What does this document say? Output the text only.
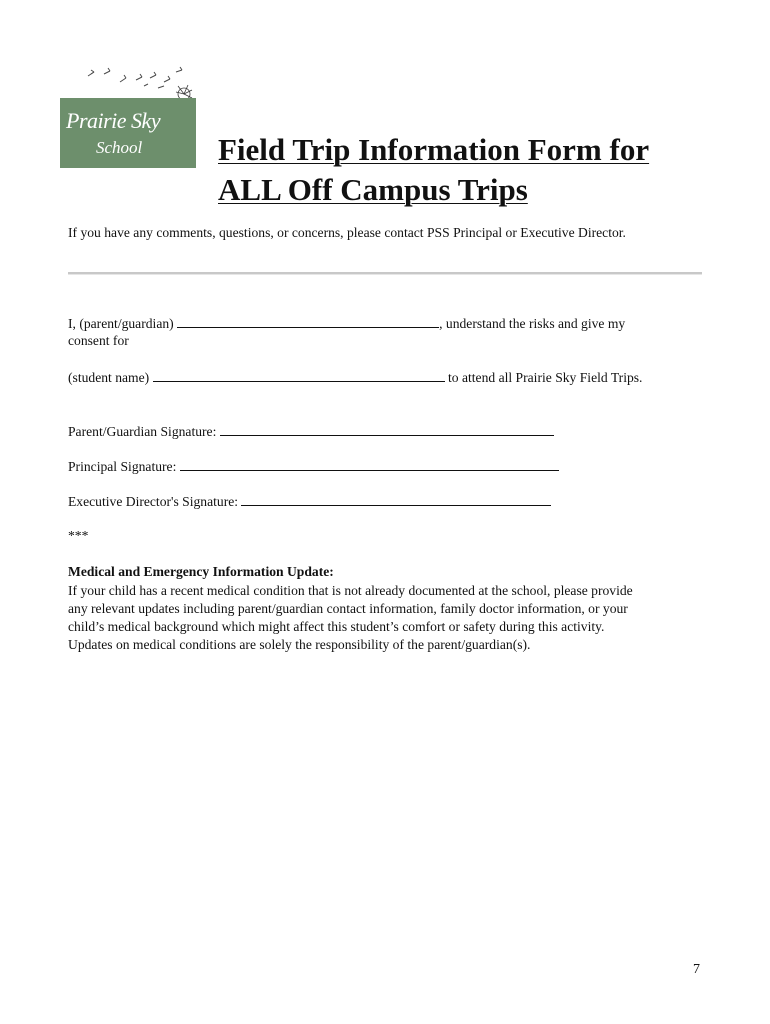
Prairie Sky
School Field Trip Information Form for
ALL Off Campus Trips

If you have any comments, questions, or concerns, please contact PSS Principal or Executive Director.

I, (parent/guardian)	, understand the risks and give my

consent for

(student name)	to attend all Prairie Sky Field Trips.

Parent/Guardian Signature:

Principal Signature:

Executive Director's Signature:

***

Medical and Emergency Information Update:

If your child has a recent medical condition that is not already documented at the school, please provide
any relevant updates including parent/guardian contact information, family doctor information, or your
child’s medical background which might affect this student’s comfort or safety during this activity.
Updates on medical conditions are solely the responsibility of the parent/guardian(s).

7
